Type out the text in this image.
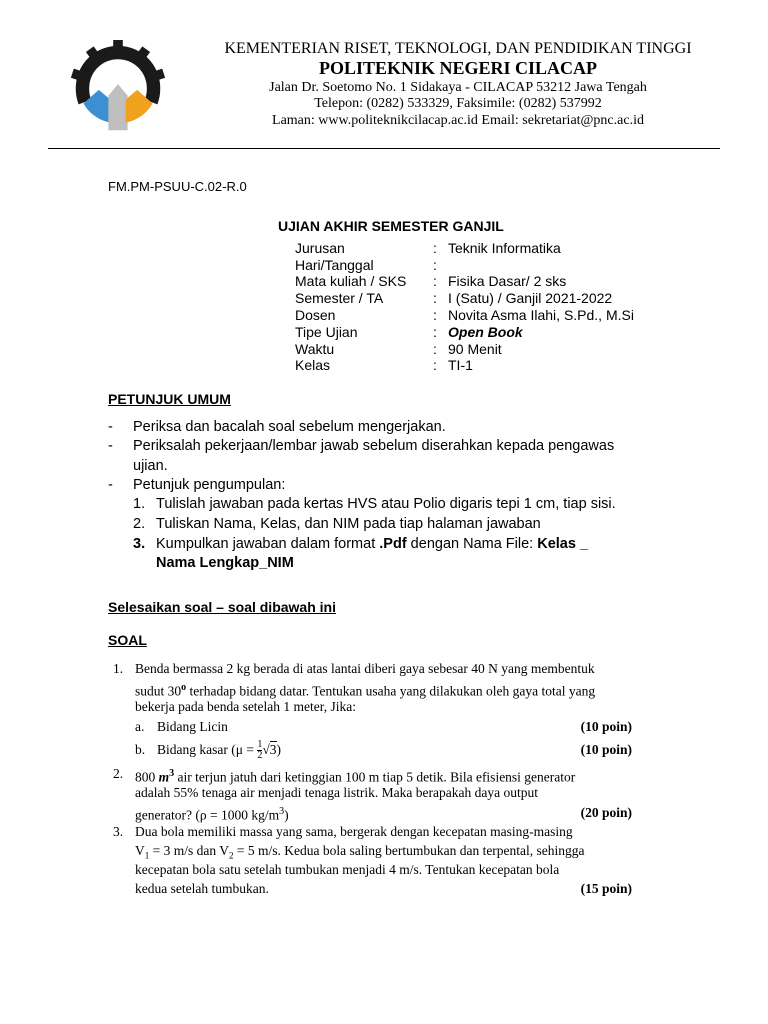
KEMENTERIAN RISET, TEKNOLOGI, DAN PENDIDIKAN TINGGI
POLITEKNIK NEGERI CILACAP
Jalan Dr. Soetomo No. 1 Sidakaya - CILACAP 53212 Jawa Tengah
Telepon: (0282) 533329, Faksimile: (0282) 537992
Laman: www.politeknikcilacap.ac.id Email: sekretariat@pnc.ac.id
FM.PM-PSUU-C.02-R.0
UJIAN AKHIR SEMESTER GANJIL
Jurusan	: Teknik Informatika
Hari/Tanggal	:
Mata kuliah / SKS : Fisika Dasar/ 2 sks
Semester / TA	: I (Satu) / Ganjil 2021-2022
Dosen	: Novita Asma Ilahi, S.Pd., M.Si
Tipe Ujian	: Open Book
Waktu	: 90 Menit
Kelas	: TI-1
PETUNJUK UMUM
- Periksa dan bacalah soal sebelum mengerjakan.
- Periksalah pekerjaan/lembar jawab sebelum diserahkan kepada pengawas
ujian.
- Petunjuk pengumpulan:
1. Tulislah jawaban pada kertas HVS atau Polio digaris tepi 1 cm, tiap sisi.
2. Tuliskan Nama, Kelas, dan NIM pada tiap halaman jawaban
3. Kumpulkan jawaban dalam format .Pdf dengan Nama File: Kelas _
Nama Lengkap_NIM
Selesaikan soal – soal dibawah ini
SOAL
1. Benda bermassa 2 kg berada di atas lantai diberi gaya sebesar 40 N yang membentuk
sudut 30$^o$ terhadap bidang datar. Tentukan usaha yang dilakukan oleh gaya total yang
bekerja pada benda setelah 1 meter, Jika:
a. Bidang Licin	(10 poin)
b. Bidang kasar $(\mu = \frac{1}{2} √3)$	(10 poin)
2. 800 $m^3$ air terjun jatuh dari ketinggian 100 m tiap 5 detik. Bila efisiensi generator
adalah 55% tenaga air menjadi tenaga listrik. Maka berapakah daya output
generator? (ρ = 1000 $kg/m^3$)	(20 poin)
3. Dua bola memiliki massa yang sama, bergerak dengan kecepatan masing-masing
$V_1 = 3$ m/s dan $V_2 = 5$ m/s. Kedua bola saling bertumbukan dan terpental, sehingga
kecepatan bola satu setelah tumbukan menjadi 4 m/s. Tentukan kecepatan bola
kedua setelah tumbukan.	(15 poin)
